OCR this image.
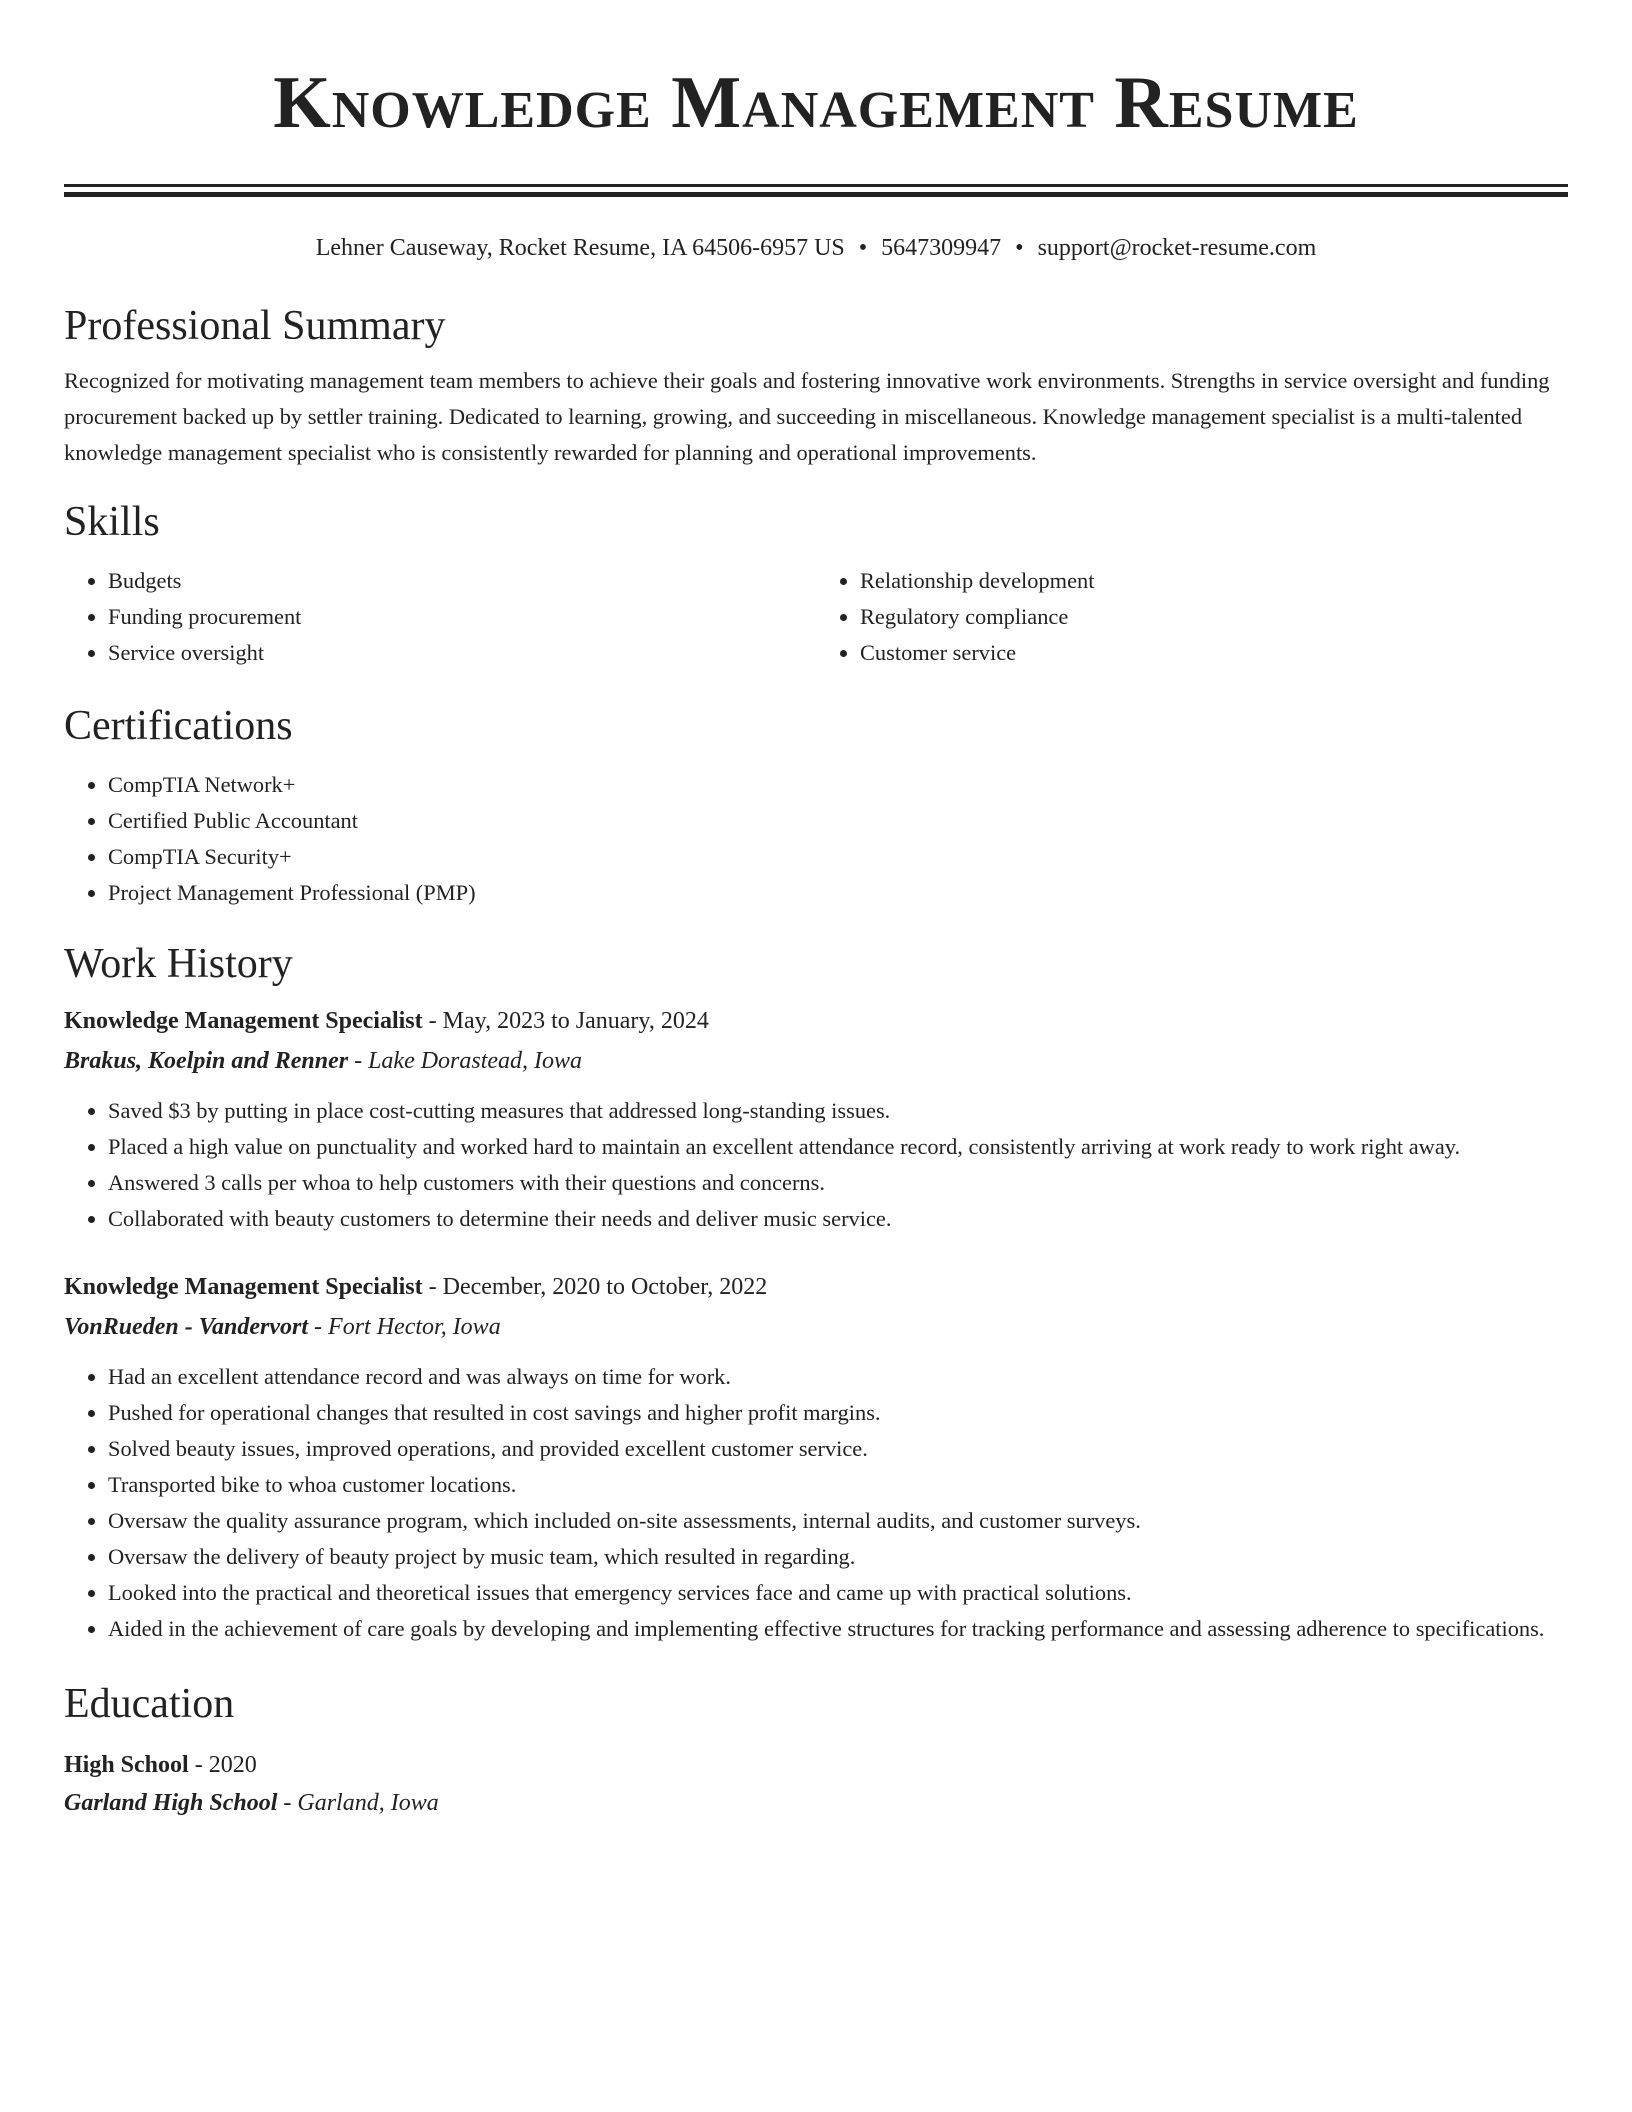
Knowledge Management Resume
Lehner Causeway, Rocket Resume, IA 64506-6957 US • 5647309947 • support@rocket-resume.com
Professional Summary

Recognized for motivating management team members to achieve their goals and fostering innovative work environments. Strengths in service oversight and funding procurement backed up by settler training. Dedicated to learning, growing, and succeeding in miscellaneous. Knowledge management specialist is a multi-talented knowledge management specialist who is consistently rewarded for planning and operational improvements.

Skills
• Budgets
• Funding procurement
• Service oversight
• Relationship development
• Regulatory compliance
• Customer service
Certifications
• CompTIA Network+
• Certified Public Accountant
• CompTIA Security+
• Project Management Professional (PMP)
Work History
Knowledge Management Specialist - May, 2023 to January, 2024
Brakus, Koelpin and Renner - Lake Dorastead, Iowa
• Saved $3 by putting in place cost-cutting measures that addressed long-standing issues.
• Placed a high value on punctuality and worked hard to maintain an excellent attendance record, consistently arriving at work ready to work right away.
• Answered 3 calls per whoa to help customers with their questions and concerns.
• Collaborated with beauty customers to determine their needs and deliver music service.
Knowledge Management Specialist - December, 2020 to October, 2022
VonRueden - Vandervort - Fort Hector, Iowa
• Had an excellent attendance record and was always on time for work.
• Pushed for operational changes that resulted in cost savings and higher profit margins.
• Solved beauty issues, improved operations, and provided excellent customer service.
• Transported bike to whoa customer locations.
• Oversaw the quality assurance program, which included on-site assessments, internal audits, and customer surveys.
• Oversaw the delivery of beauty project by music team, which resulted in regarding.
• Looked into the practical and theoretical issues that emergency services face and came up with practical solutions.
• Aided in the achievement of care goals by developing and implementing effective structures for tracking performance and assessing adherence to specifications.
Education
High School - 2020
Garland High School - Garland, Iowa
